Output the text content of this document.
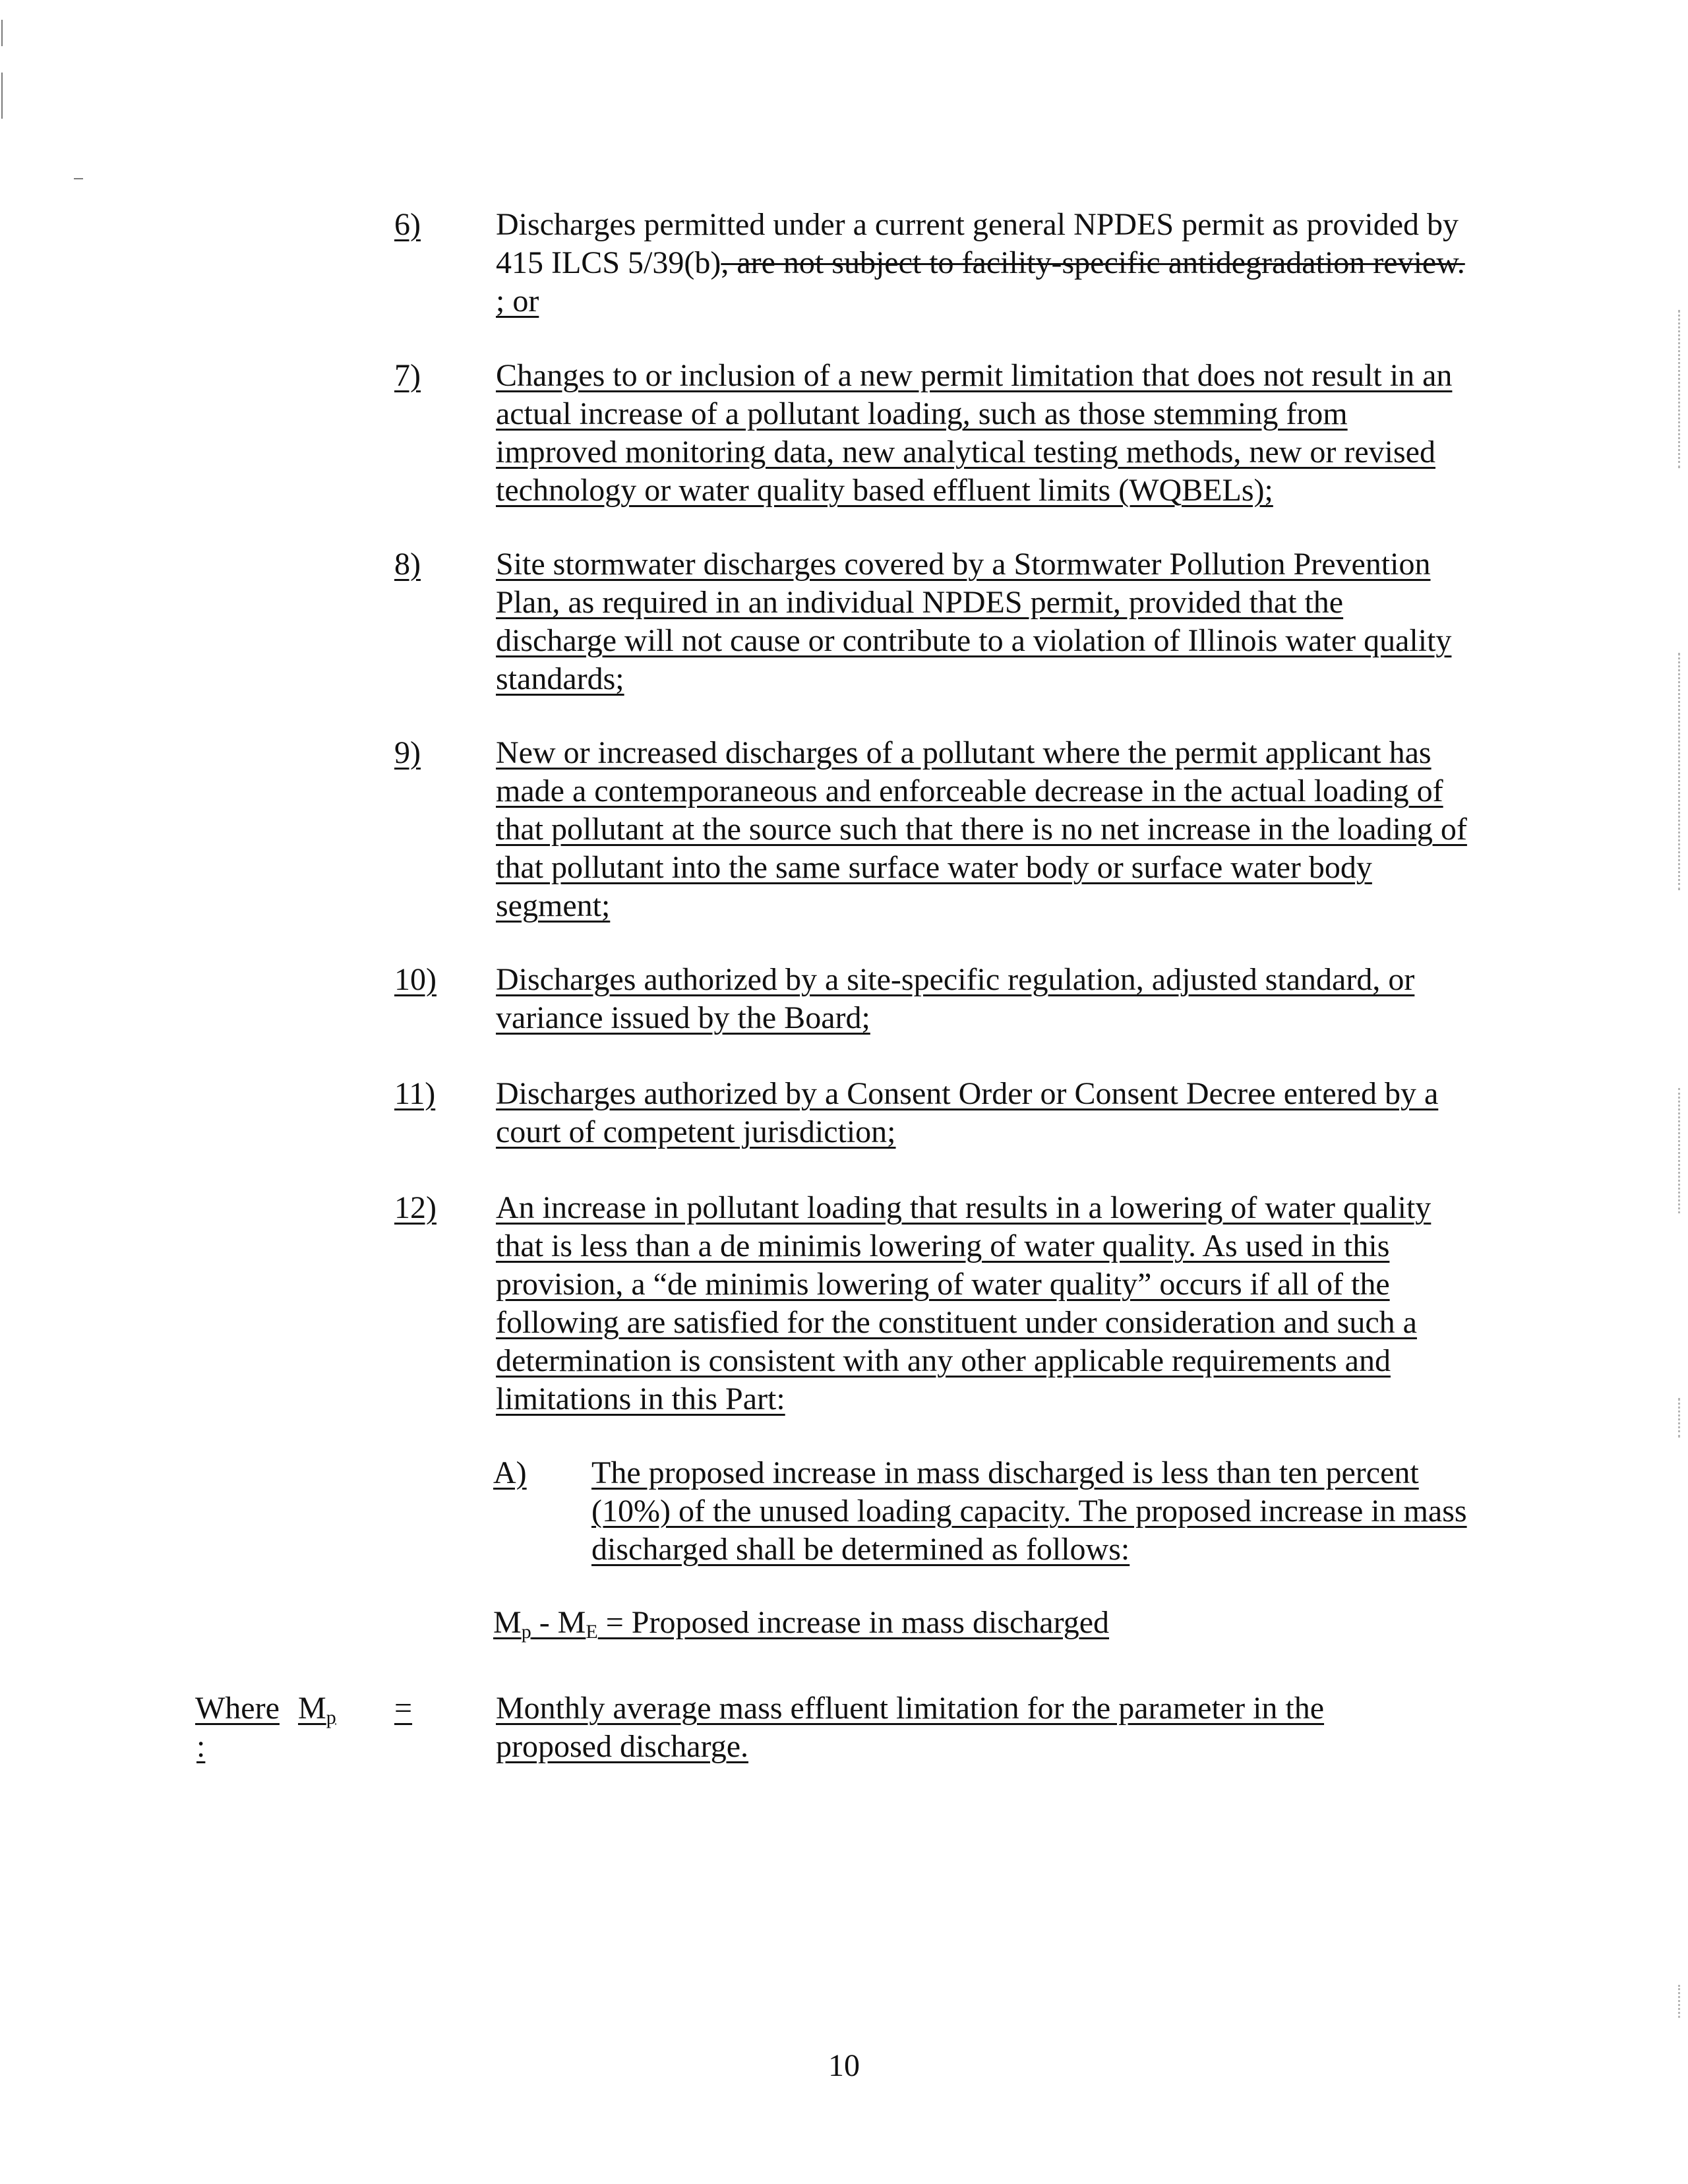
6) Discharges permitted under a current general NPDES permit as provided by 415 ILCS 5/39(b), are not subject to facility-specific antidegradation review. ; or
7)	Changes to or inclusion of a new permit limitation that does not result in an actual increase of a pollutant loading, such as those stemming from improved monitoring data, new analytical testing methods, new or revised technology or water quality based effluent limits (WQBELs);
8) Site stormwater discharges covered by a Stormwater Pollution Prevention Plan, as required in an individual NPDES permit, provided that the discharge will not cause or contribute to a violation of Illinois water quality standards;
9) New or increased discharges of a pollutant where the permit applicant has made a contemporaneous and enforceable decrease in the actual loading of that pollutant at the source such that there is no net increase in the loading of that pollutant into the same surface water body or surface water body segment;
10) Discharges authorized by a site-specific regulation, adjusted standard, or variance issued by the Board;
11) Discharges authorized by a Consent Order or Consent Decree entered by a court of competent jurisdiction;
12) An increase in pollutant loading that results in a lowering of water quality that is less than a de minimis lowering of water quality. As used in this provision, a “de minimis lowering of water quality” occurs if all of the following are satisfied for the constituent under consideration and such a determination is consistent with any other applicable requirements and limitations in this Part:
A) The proposed increase in mass discharged is less than ten percent (10%) of the unused loading capacity. The proposed increase in mass discharged shall be determined as follows:
$M_p - M_E$ = Proposed increase in mass discharged
Where
:
$M_p$ =	Monthly average mass effluent limitation for the parameter in the proposed discharge.
10
